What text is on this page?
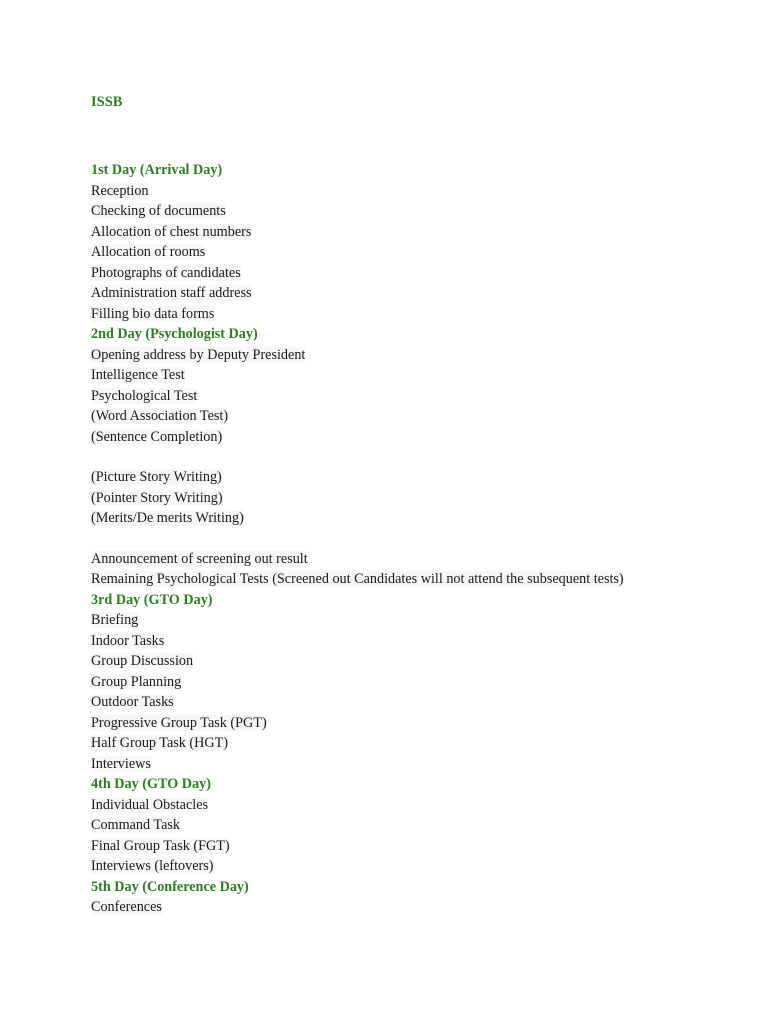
ISSB
1st Day (Arrival Day)
Reception
Checking of documents
Allocation of chest numbers
Allocation of rooms
Photographs of candidates
Administration staff address
Filling bio data forms
2nd Day (Psychologist Day)
Opening address by Deputy President
Intelligence Test
Psychological Test
(Word Association Test)
(Sentence Completion)
(Picture Story Writing)
(Pointer Story Writing)
(Merits/De merits Writing)
Announcement of screening out result
Remaining Psychological Tests (Screened out Candidates will not attend the subsequent tests)
3rd Day (GTO Day)
Briefing
Indoor Tasks
Group Discussion
Group Planning
Outdoor Tasks
Progressive Group Task (PGT)
Half Group Task (HGT)
Interviews
4th Day (GTO Day)
Individual Obstacles
Command Task
Final Group Task (FGT)
Interviews (leftovers)
5th Day (Conference Day)
Conferences
